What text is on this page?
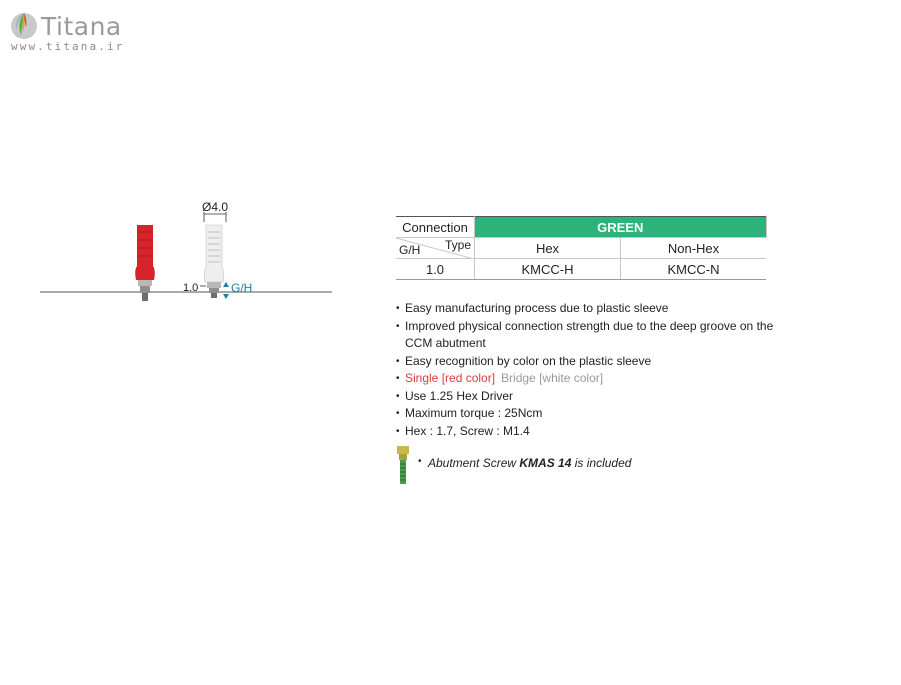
Titana
www.titana.ir
Ø4.0
1.0	G/H
Connection	GREEN	

Type
G/H	Hex	Non-Hex
1.0	KMCC-H	KMCC-N
• Easy manufacturing process due to plastic sleeve
• Improved physical connection strength due to the deep groove on the CCM abutment
• Easy recognition by color on the plastic sleeve
• Single [red color] Bridge [white color]
• Use 1.25 Hex Driver
• Maximum torque : 25Ncm
• Hex : 1.7, Screw : M1.4
• Abutment Screw KMAS 14 is included
